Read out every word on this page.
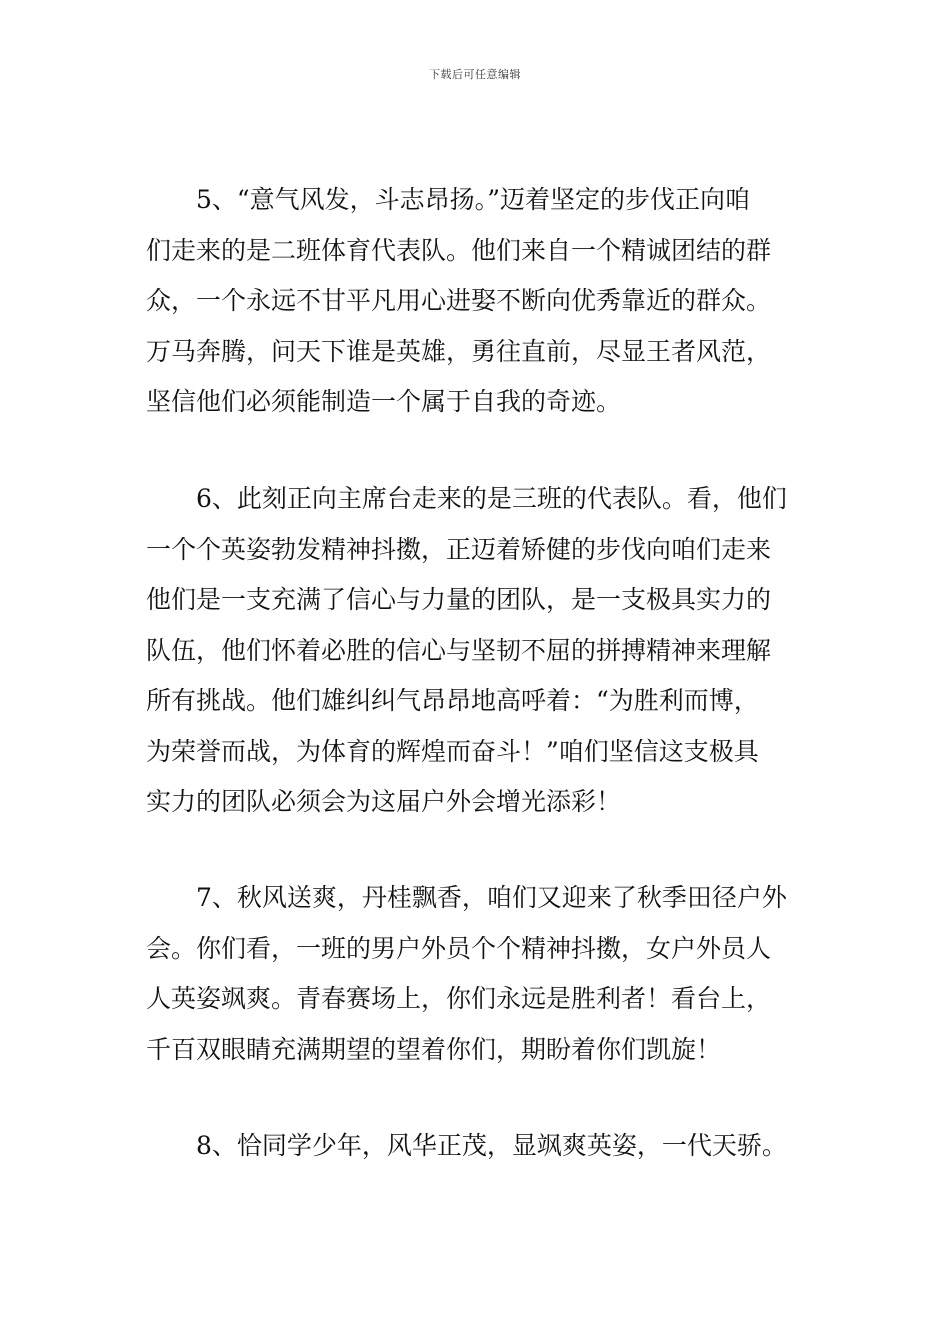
下载后可任意编辑
5、“意气风发，斗志昂扬。”迈着坚定的步伐正向咱
们走来的是二班体育代表队。他们来自一个精诚团结的群
众，一个永远不甘平凡用心进娶不断向优秀靠近的群众。
万马奔腾，问天下谁是英雄，勇往直前，尽显王者风范，
坚信他们必须能制造一个属于自我的奇迹。
6、此刻正向主席台走来的是三班的代表队。看，他们
一个个英姿勃发精神抖擞，正迈着矫健的步伐向咱们走来
他们是一支充满了信心与力量的团队，是一支极具实力的
队伍，他们怀着必胜的信心与坚韧不屈的拼搏精神来理解
所有挑战。他们雄纠纠气昂昂地高呼着：“为胜利而博，
为荣誉而战，为体育的辉煌而奋斗！”咱们坚信这支极具
实力的团队必须会为这届户外会增光添彩！
7、秋风送爽，丹桂飘香，咱们又迎来了秋季田径户外
会。你们看，一班的男户外员个个精神抖擞，女户外员人
人英姿飒爽。青春赛场上，你们永远是胜利者！看台上，
千百双眼睛充满期望的望着你们，期盼着你们凯旋！
8、恰同学少年，风华正茂，显飒爽英姿，一代天骄。
